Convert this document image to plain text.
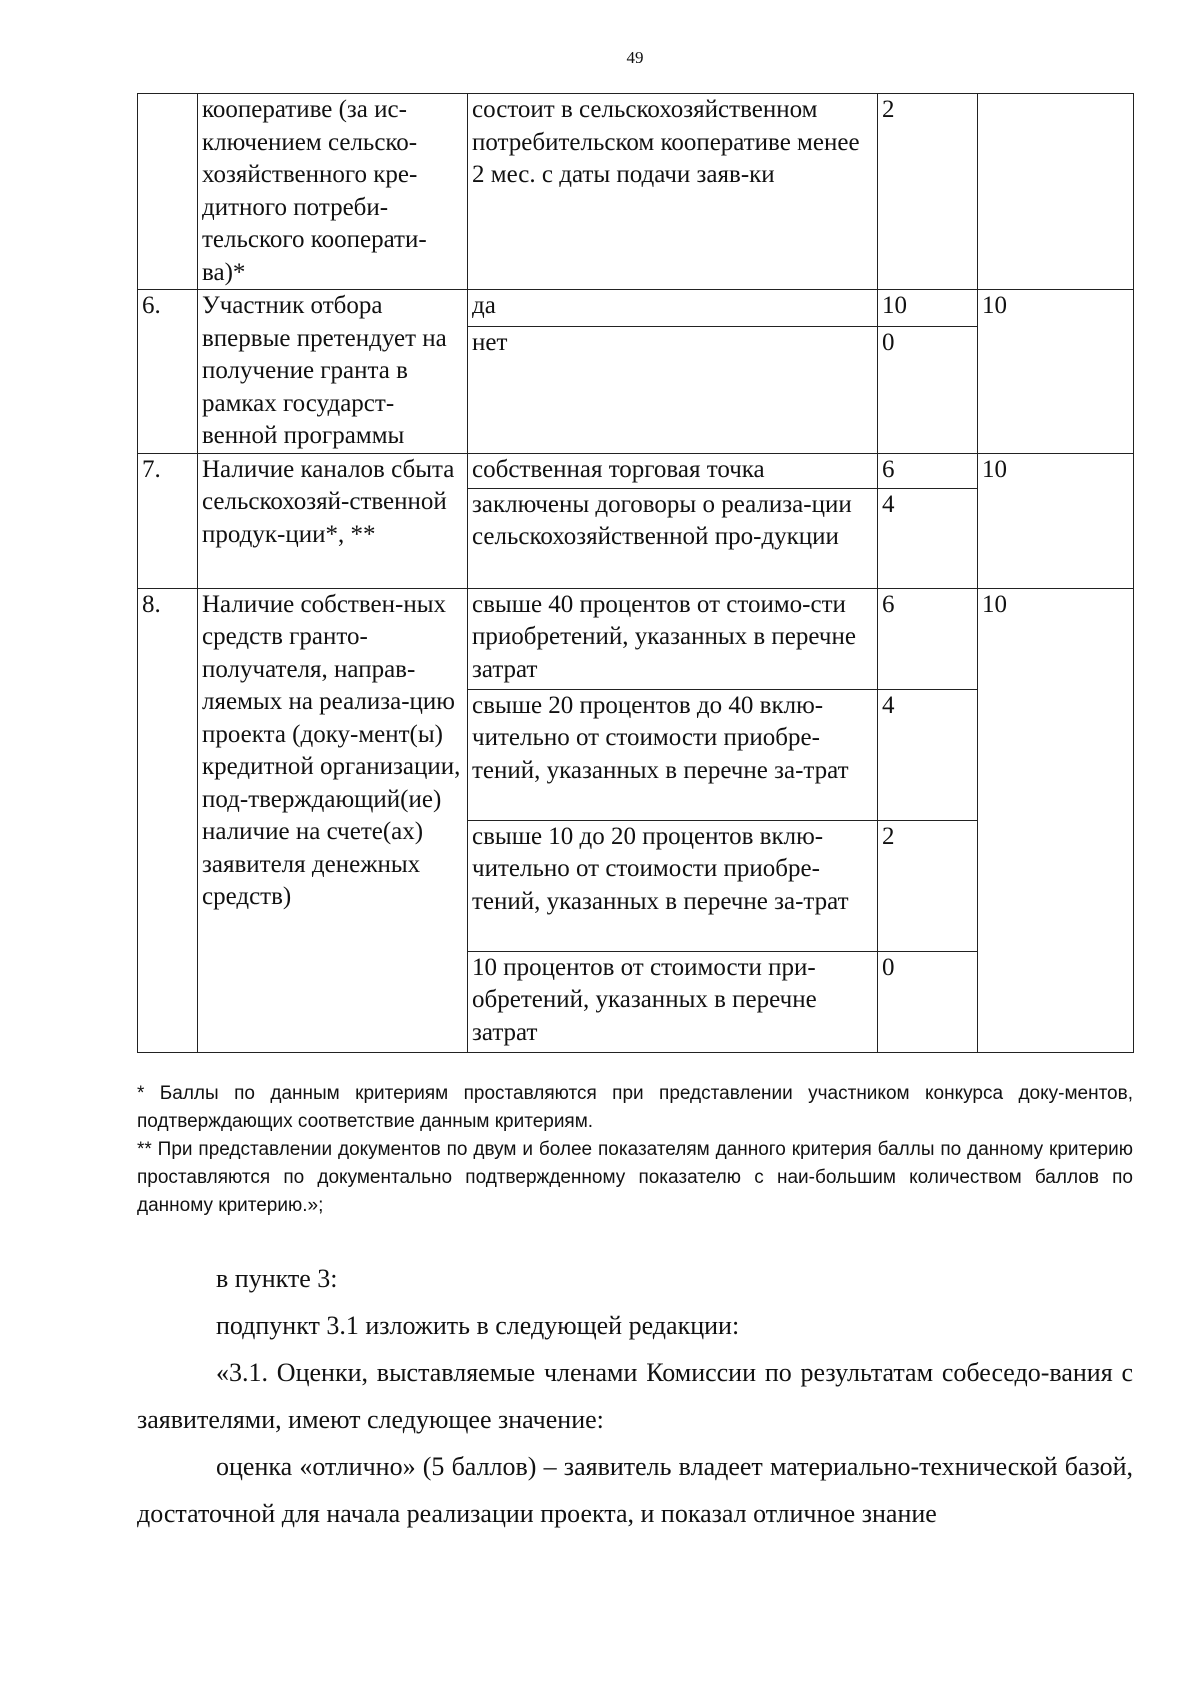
49
	кооперативе (за ис-ключением сельско-хозяйственного кре-дитного потреби-тельского кооперати-ва)*	состоит в сельскохозяйственном потребительском кооперативе менее 2 мес. с даты подачи заяв-ки	2	
6.	Участник отбора впервые претендует на получение гранта в рамках государст-венной программы	да	10	10
		нет	0	
7.	Наличие каналов сбыта сельскохозяй-ственной продук-ции*, **	собственная торговая точка	6	10
		заключены договоры о реализа-ции сельскохозяйственной про-дукции	4	
8.	Наличие собствен-ных средств гранто-получателя, направ-ляемых на реализа-цию проекта (доку-мент(ы) кредитной организации, под-тверждающий(ие) наличие на счете(ах) заявителя денежных средств)	свыше 40 процентов от стоимо-сти приобретений, указанных в перечне затрат	6	10
		свыше 20 процентов до 40 вклю-чительно от стоимости приобре-тений, указанных в перечне за-трат	4	
		свыше 10 до 20 процентов вклю-чительно от стоимости приобре-тений, указанных в перечне за-трат	2	
		10 процентов от стоимости при-обретений, указанных в перечне затрат	0	

* Баллы по данным критериям проставляются при представлении участником конкурса доку-ментов, подтверждающих соответствие данным критериям.

** При представлении документов по двум и более показателям данного критерия баллы по данному критерию проставляются по документально подтвержденному показателю с наи-большим количеством баллов по данному критерию.»;

в пункте 3:

подпункт 3.1 изложить в следующей редакции:

«3.1. Оценки, выставляемые членами Комиссии по результатам собеседо-вания с заявителями, имеют следующее значение:

оценка «отлично» (5 баллов) – заявитель владеет материально-технической базой, достаточной для начала реализации проекта, и показал отличное знание
